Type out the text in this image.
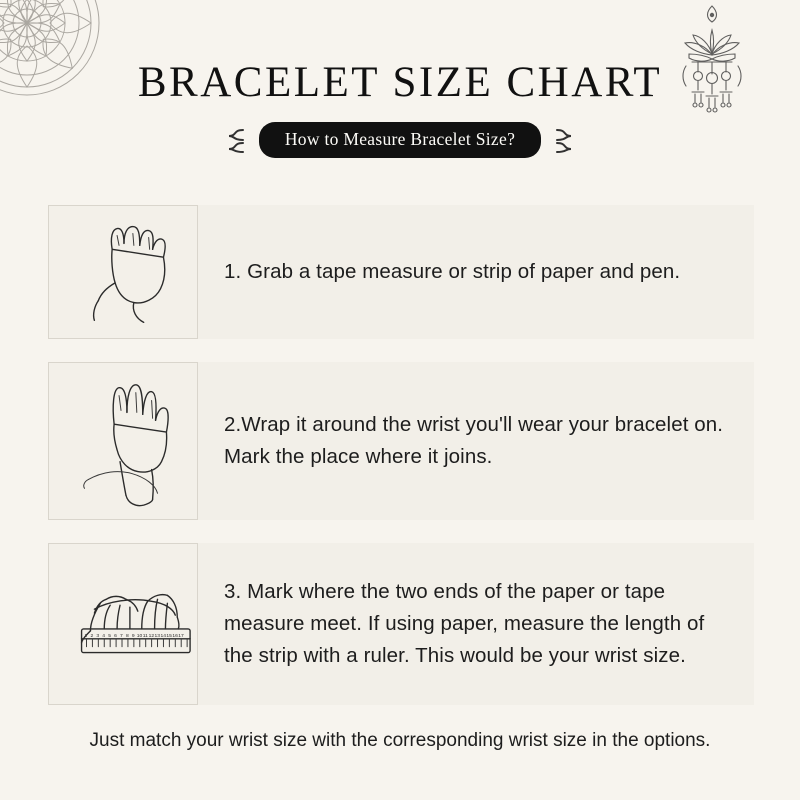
BRACELET SIZE CHART
How to Measure Bracelet Size?
1. Grab a tape measure or strip of paper and pen.
2.Wrap it around the wrist you'll wear your bracelet on. Mark the place where it joins.
1 2 3 4 5 6 7 8 9 10 11 12 13 14 15 16 17
3. Mark where the two ends of the paper or tape measure meet. If using paper, measure the length of the strip with a ruler. This would be your wrist size.
Just match your wrist size with the corresponding wrist size in the options.
